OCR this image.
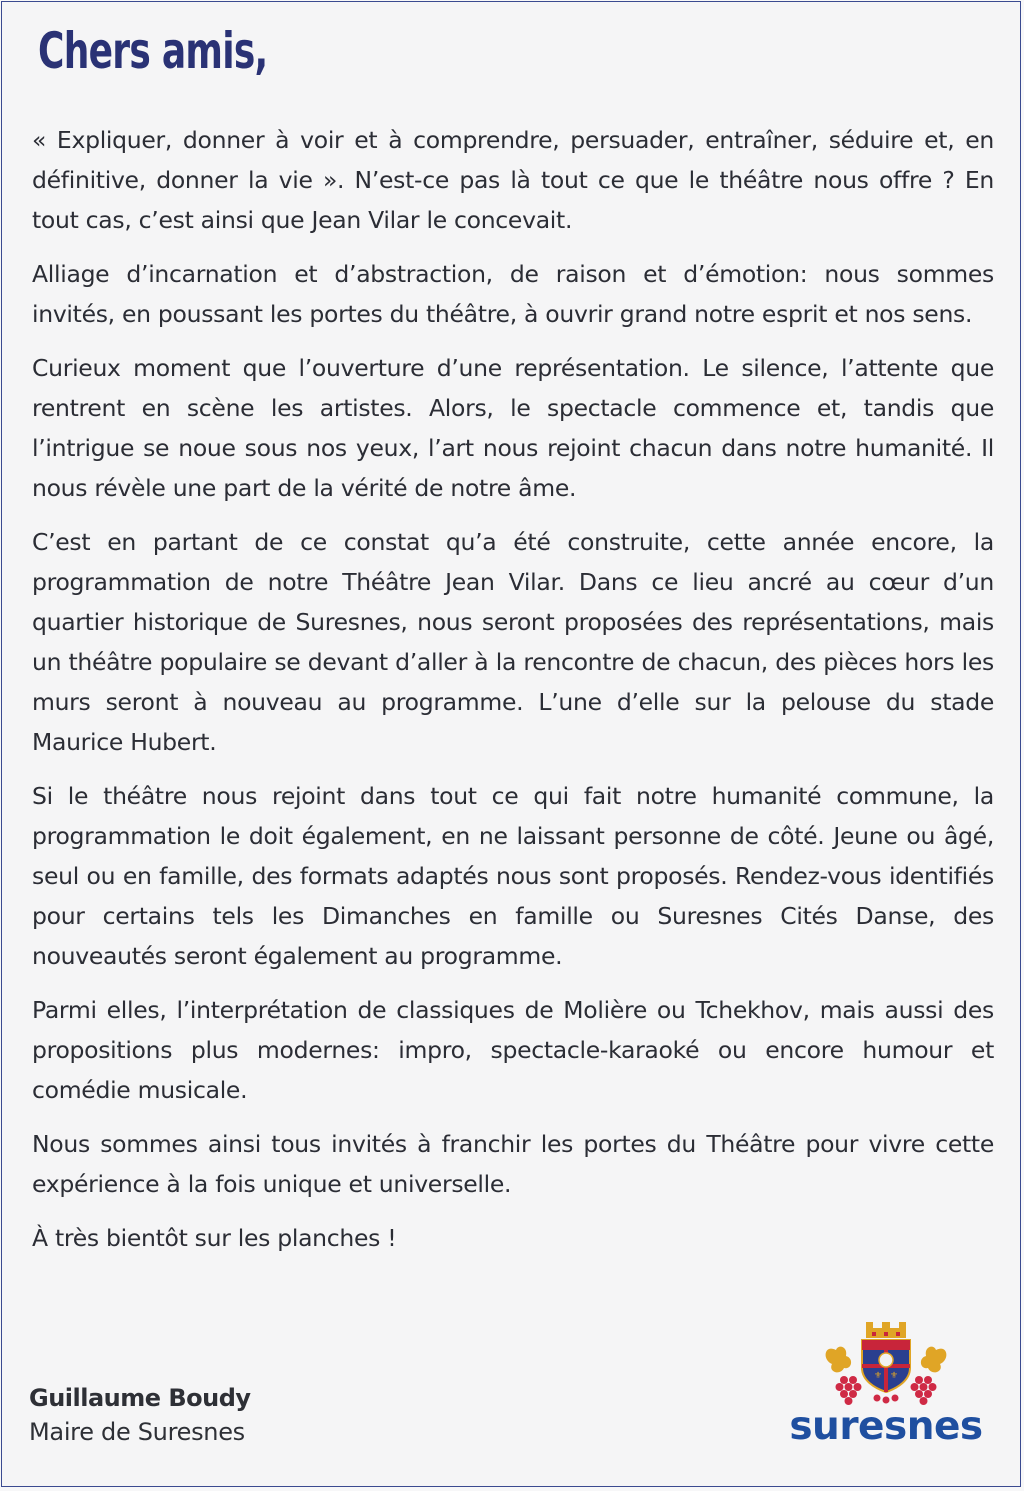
Chers amis,

« Expliquer, donner à voir et à comprendre, persuader, entraîner, séduire et, en définitive, donner la vie ». N’est-ce pas là tout ce que le théâtre nous offre ? En tout cas, c’est ainsi que Jean Vilar le concevait.

Alliage d’incarnation et d’abstraction, de raison et d’émotion: nous sommes invités, en poussant les portes du théâtre, à ouvrir grand notre esprit et nos sens.

Curieux moment que l’ouverture d’une représentation. Le silence, l’attente que rentrent en scène les artistes. Alors, le spectacle commence et, tandis que l’intrigue se noue sous nos yeux, l’art nous rejoint chacun dans notre humanité. Il nous révèle une part de la vérité de notre âme.

C’est en partant de ce constat qu’a été construite, cette année encore, la programmation de notre Théâtre Jean Vilar. Dans ce lieu ancré au cœur d’un quartier historique de Suresnes, nous seront proposées des représentations, mais un théâtre populaire se devant d’aller à la rencontre de chacun, des pièces hors les murs seront à nouveau au programme. L’une d’elle sur la pelouse du stade Maurice Hubert.

Si le théâtre nous rejoint dans tout ce qui fait notre humanité commune, la programmation le doit également, en ne laissant personne de côté. Jeune ou âgé, seul ou en famille, des formats adaptés nous sont proposés. Rendez-vous identifiés pour certains tels les Dimanches en famille ou Suresnes Cités Danse, des nouveautés seront également au programme.

Parmi elles, l’interprétation de classiques de Molière ou Tchekhov, mais aussi des propositions plus modernes: impro, spectacle-karaoké ou encore humour et comédie musicale.

Nous sommes ainsi tous invités à franchir les portes du Théâtre pour vivre cette expérience à la fois unique et universelle.

À très bientôt sur les planches !

Guillaume Boudy
Maire de Suresnes
⚜ ⚜
suresnes
